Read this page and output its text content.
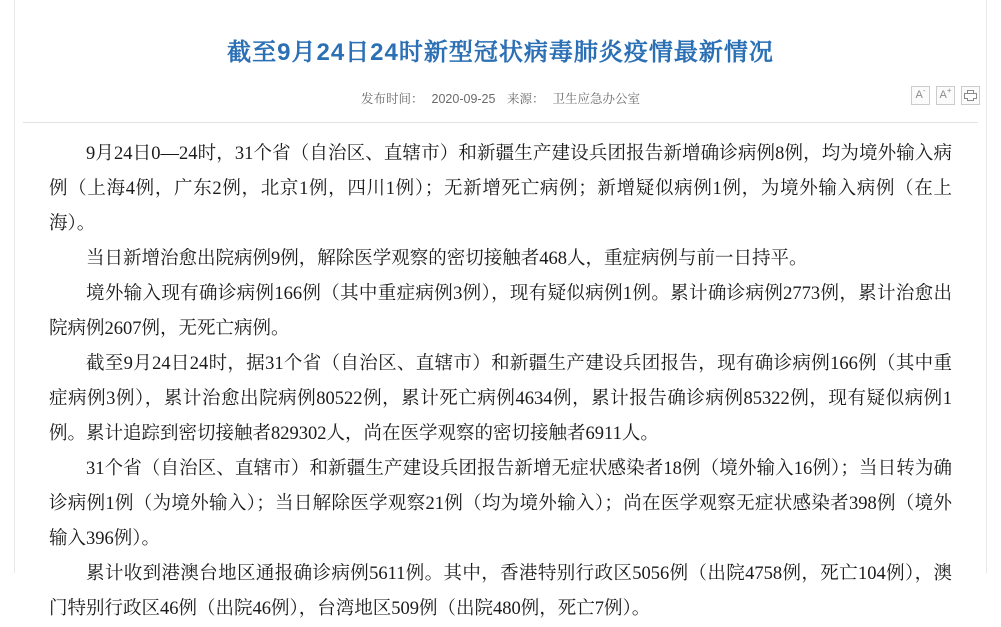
截至9月24日24时新型冠状病毒肺炎疫情最新情况
发布时间： 2020-09-25 来源： 卫生应急办公室	A- A+

9月24日0—24时，31个省（自治区、直辖市）和新疆生产建设兵团报告新增确诊病例8例，均为境外输入病例（上海4例，广东2例，北京1例，四川1例）；无新增死亡病例；新增疑似病例1例，为境外输入病例（在上海）。

当日新增治愈出院病例9例，解除医学观察的密切接触者468人，重症病例与前一日持平。

境外输入现有确诊病例166例（其中重症病例3例），现有疑似病例1例。累计确诊病例2773例，累计治愈出院病例2607例，无死亡病例。

截至9月24日24时，据31个省（自治区、直辖市）和新疆生产建设兵团报告，现有确诊病例166例（其中重症病例3例），累计治愈出院病例80522例，累计死亡病例4634例，累计报告确诊病例85322例，现有疑似病例1例。累计追踪到密切接触者829302人，尚在医学观察的密切接触者6911人。

31个省（自治区、直辖市）和新疆生产建设兵团报告新增无症状感染者18例（境外输入16例）；当日转为确诊病例1例（为境外输入）；当日解除医学观察21例（均为境外输入）；尚在医学观察无症状感染者398例（境外输入396例）。

累计收到港澳台地区通报确诊病例5611例。其中，香港特别行政区5056例（出院4758例，死亡104例），澳门特别行政区46例（出院46例），台湾地区509例（出院480例，死亡7例）。
